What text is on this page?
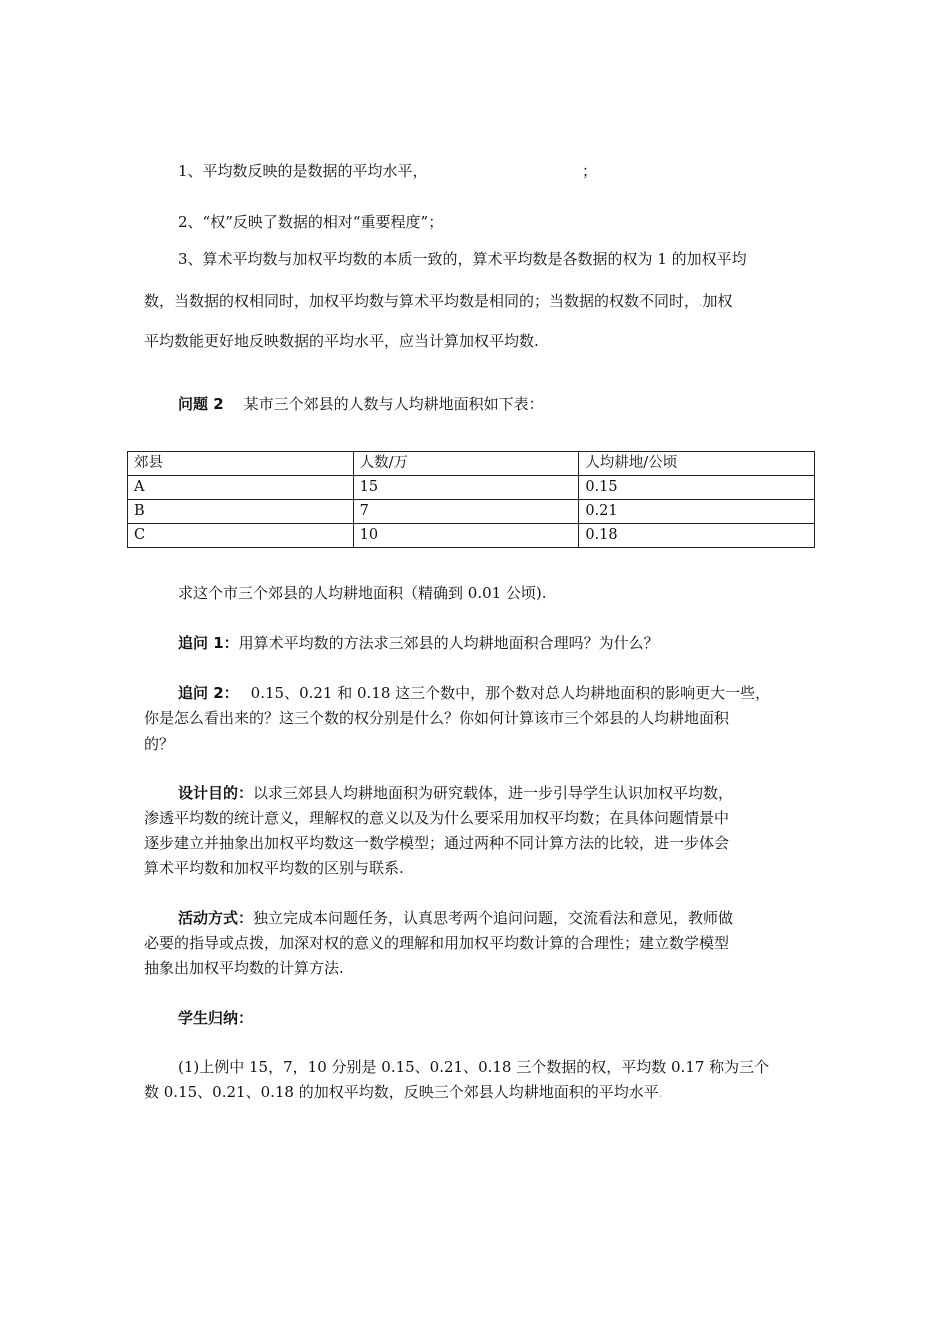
1、平均数反映的是数据的平均水平，	；
2、“权”反映了数据的相对“重要程度”；
3、算术平均数与加权平均数的本质一致的，算术平均数是各数据的权为 1 的加权平均
数，当数据的权相同时，加权平均数与算术平均数是相同的；当数据的权数不同时，.加权
平均数能更好地反映数据的平均水平，应当计算加权平均数.
问题 2 某市三个郊县的人数与人均耕地面积如下表：
郊县	人数/万	人均耕地/公顷
A	15	0.15
B	7	0.21
C	10	0.18
求这个市三个郊县的人均耕地面积（精确到 0.01 公顷).
追问 1：用算术平均数的方法求三郊县的人均耕地面积合理吗？为什么？
追问 2： 0.15、0.21 和 0.18 这三个数中，那个数对总人均耕地面积的影响更大一些，
你是怎么看出来的？这三个数的权分别是什么？你如何计算该市三个郊县的人均耕地面积
的？
设计目的：以求三郊县人均耕地面积为研究载体，进一步引导学生认识加权平均数，
渗透平均数的统计意义，理解权的意义以及为什么要采用加权平均数；在具体问题情景中
逐步建立并抽象出加权平均数这一数学模型；通过两种不同计算方法的比较，进一步体会
算术平均数和加权平均数的区别与联系.
活动方式：独立完成本问题任务，认真思考两个追问问题，交流看法和意见，教师做
必要的指导或点拨，加深对权的意义的理解和用加权平均数计算的合理性；建立数学模型
抽象出加权平均数的计算方法.
学生归纳：
(1)上例中 15，7，10 分别是 0.15、0.21、0.18 三个数据的权，平均数 0.17 称为三个
数 0.15、0.21、0.18 的加权平均数，反映三个郊县人均耕地面积的平均水平.
